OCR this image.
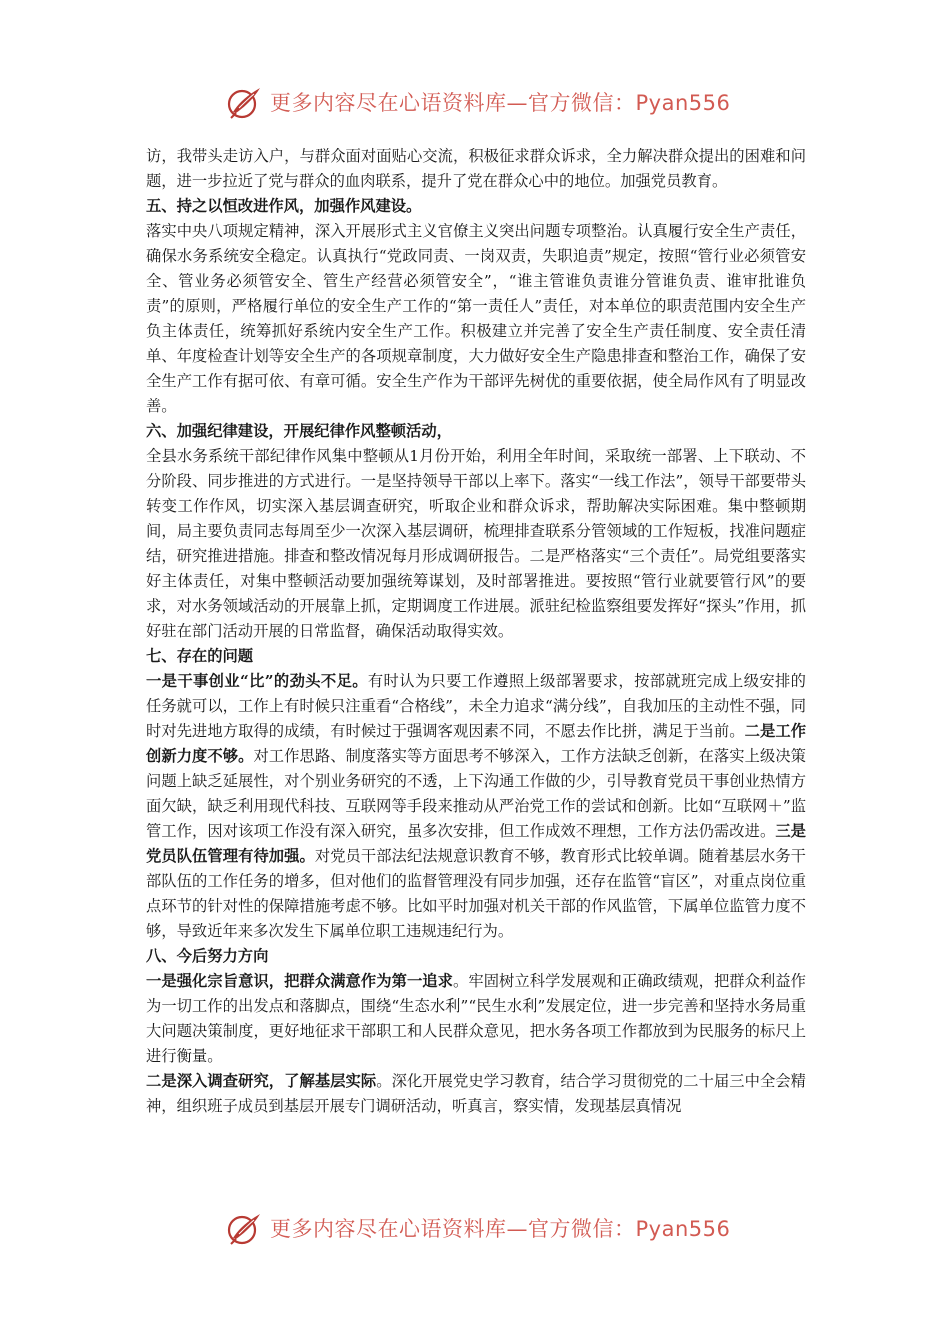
更多内容尽在心语资料库—官方微信：Pyan556

访，我带头走访入户，与群众面对面贴心交流，积极征求群众诉求，全力解决群众提出的困难和问题，进一步拉近了党与群众的血肉联系，提升了党在群众心中的地位。加强党员教育。

五、持之以恒改进作风，加强作风建设。

落实中央八项规定精神，深入开展形式主义官僚主义突出问题专项整治。认真履行安全生产责任，确保水务系统安全稳定。认真执行“党政同责、一岗双责，失职追责”规定，按照“管行业必须管安全、管业务必须管安全、管生产经营必须管安全”，“谁主管谁负责谁分管谁负责、谁审批谁负责”的原则，严格履行单位的安全生产工作的“第一责任人”责任，对本单位的职责范围内安全生产负主体责任，统筹抓好系统内安全生产工作。积极建立并完善了安全生产责任制度、安全责任清单、年度检查计划等安全生产的各项规章制度，大力做好安全生产隐患排查和整治工作，确保了安全生产工作有据可依、有章可循。安全生产作为干部评先树优的重要依据，使全局作风有了明显改善。

六、加强纪律建设，开展纪律作风整顿活动，

全县水务系统干部纪律作风集中整顿从1月份开始，利用全年时间，采取统一部署、上下联动、不分阶段、同步推进的方式进行。一是坚持领导干部以上率下。落实“一线工作法”，领导干部要带头转变工作作风，切实深入基层调查研究，听取企业和群众诉求，帮助解决实际困难。集中整顿期间，局主要负责同志每周至少一次深入基层调研，梳理排查联系分管领域的工作短板，找准问题症结，研究推进措施。排查和整改情况每月形成调研报告。二是严格落实“三个责任”。局党组要落实好主体责任，对集中整顿活动要加强统筹谋划，及时部署推进。要按照“管行业就要管行风”的要求，对水务领域活动的开展靠上抓，定期调度工作进展。派驻纪检监察组要发挥好“探头”作用，抓好驻在部门活动开展的日常监督，确保活动取得实效。

七、存在的问题

一是干事创业“比”的劲头不足。有时认为只要工作遵照上级部署要求，按部就班完成上级安排的任务就可以，工作上有时候只注重看“合格线”，未全力追求“满分线”，自我加压的主动性不强，同时对先进地方取得的成绩，有时候过于强调客观因素不同，不愿去作比拼，满足于当前。二是工作创新力度不够。对工作思路、制度落实等方面思考不够深入，工作方法缺乏创新，在落实上级决策问题上缺乏延展性，对个别业务研究的不透，上下沟通工作做的少，引导教育党员干事创业热情方面欠缺，缺乏利用现代科技、互联网等手段来推动从严治党工作的尝试和创新。比如“互联网＋”监管工作，因对该项工作没有深入研究，虽多次安排，但工作成效不理想，工作方法仍需改进。三是党员队伍管理有待加强。对党员干部法纪法规意识教育不够，教育形式比较单调。随着基层水务干部队伍的工作任务的增多，但对他们的监督管理没有同步加强，还存在监管“盲区”，对重点岗位重点环节的针对性的保障措施考虑不够。比如平时加强对机关干部的作风监管，下属单位监管力度不够，导致近年来多次发生下属单位职工违规违纪行为。

八、今后努力方向

一是强化宗旨意识，把群众满意作为第一追求。牢固树立科学发展观和正确政绩观，把群众利益作为一切工作的出发点和落脚点，围绕“生态水利”“民生水利”发展定位，进一步完善和坚持水务局重大问题决策制度，更好地征求干部职工和人民群众意见，把水务各项工作都放到为民服务的标尺上进行衡量。

二是深入调查研究，了解基层实际。深化开展党史学习教育，结合学习贯彻党的二十届三中全会精神，组织班子成员到基层开展专门调研活动，听真言，察实情，发现基层真情况

更多内容尽在心语资料库—官方微信：Pyan556
